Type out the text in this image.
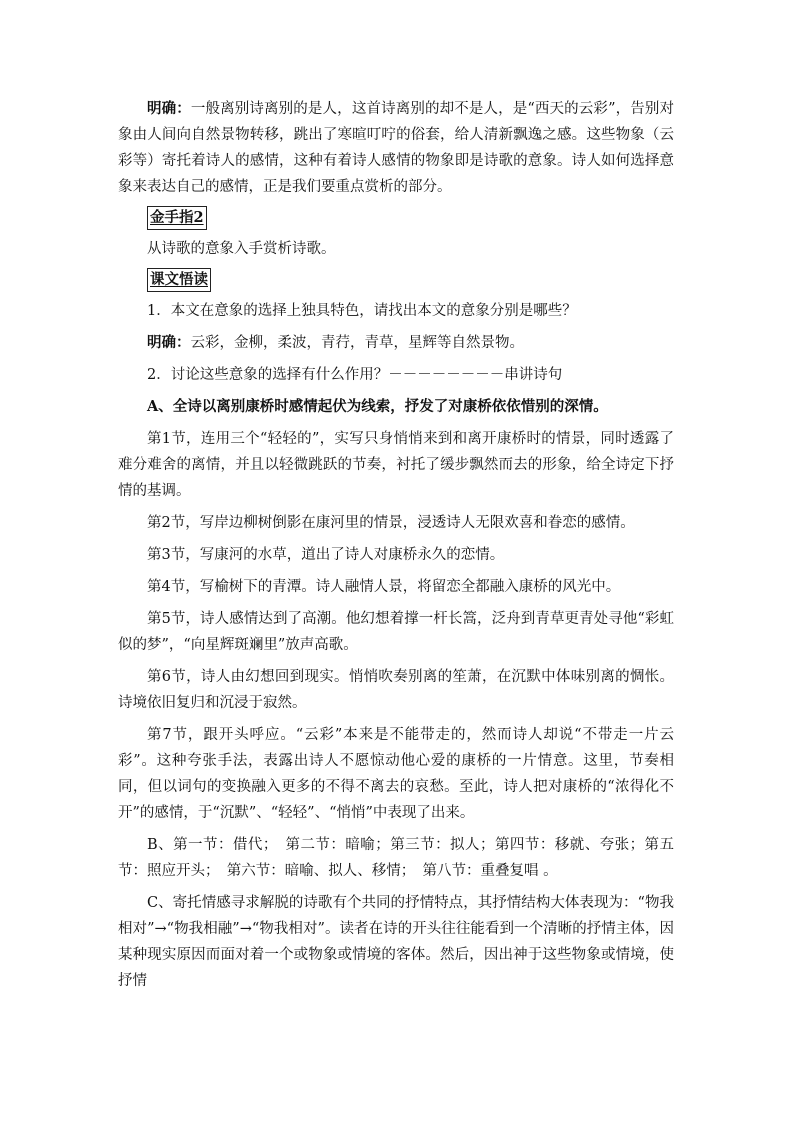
明确：一般离别诗离别的是人，这首诗离别的却不是人，是“西天的云彩”，告别对象由人间向自然景物转移，跳出了寒暄叮咛的俗套，给人清新飘逸之感。这些物象（云彩等）寄托着诗人的感情，这种有着诗人感情的物象即是诗歌的意象。诗人如何选择意象来表达自己的感情，正是我们要重点赏析的部分。

金手指2

从诗歌的意象入手赏析诗歌。

课文悟读

1．本文在意象的选择上独具特色，请找出本文的意象分别是哪些？

明确：云彩，金柳，柔波，青荇，青草，星辉等自然景物。

2．讨论这些意象的选择有什么作用？－－－－－－－－串讲诗句

A、全诗以离别康桥时感情起伏为线索，抒发了对康桥依依惜别的深情。

第1节，连用三个“轻轻的”，实写只身悄悄来到和离开康桥时的情景，同时透露了难分难舍的离情，并且以轻微跳跃的节奏，衬托了缓步飘然而去的形象，给全诗定下抒情的基调。

第2节，写岸边柳树倒影在康河里的情景，浸透诗人无限欢喜和眷恋的感情。

第3节，写康河的水草，道出了诗人对康桥永久的恋情。

第4节，写榆树下的青潭。诗人融情人景，将留恋全都融入康桥的风光中。

第5节，诗人感情达到了高潮。他幻想着撑一杆长篙，泛舟到青草更青处寻他“彩虹似的梦”，“向星辉斑斓里”放声高歌。

第6节，诗人由幻想回到现实。悄悄吹奏别离的笙萧，在沉默中体味别离的惆怅。诗境依旧复归和沉浸于寂然。

第7节，跟开头呼应。“云彩”本来是不能带走的，然而诗人却说“不带走一片云彩”。这种夸张手法，表露出诗人不愿惊动他心爱的康桥的一片情意。这里，节奏相同，但以词句的变换融入更多的不得不离去的哀愁。至此，诗人把对康桥的“浓得化不开”的感情，于“沉默”、“轻轻”、“悄悄”中表现了出来。

B、第一节：借代；　第二节：暗喻；第三节：拟人；第四节：移就、夸张；第五节：照应开头；　第六节：暗喻、拟人、移情；　第八节：重叠复唱 。

C、寄托情感寻求解脱的诗歌有个共同的抒情特点，其抒情结构大体表现为：“物我相对”→“物我相融”→“物我相对”。读者在诗的开头往往能看到一个清晰的抒情主体，因某种现实原因而面对着一个或物象或情境的客体。然后，因出神于这些物象或情境，使抒情
